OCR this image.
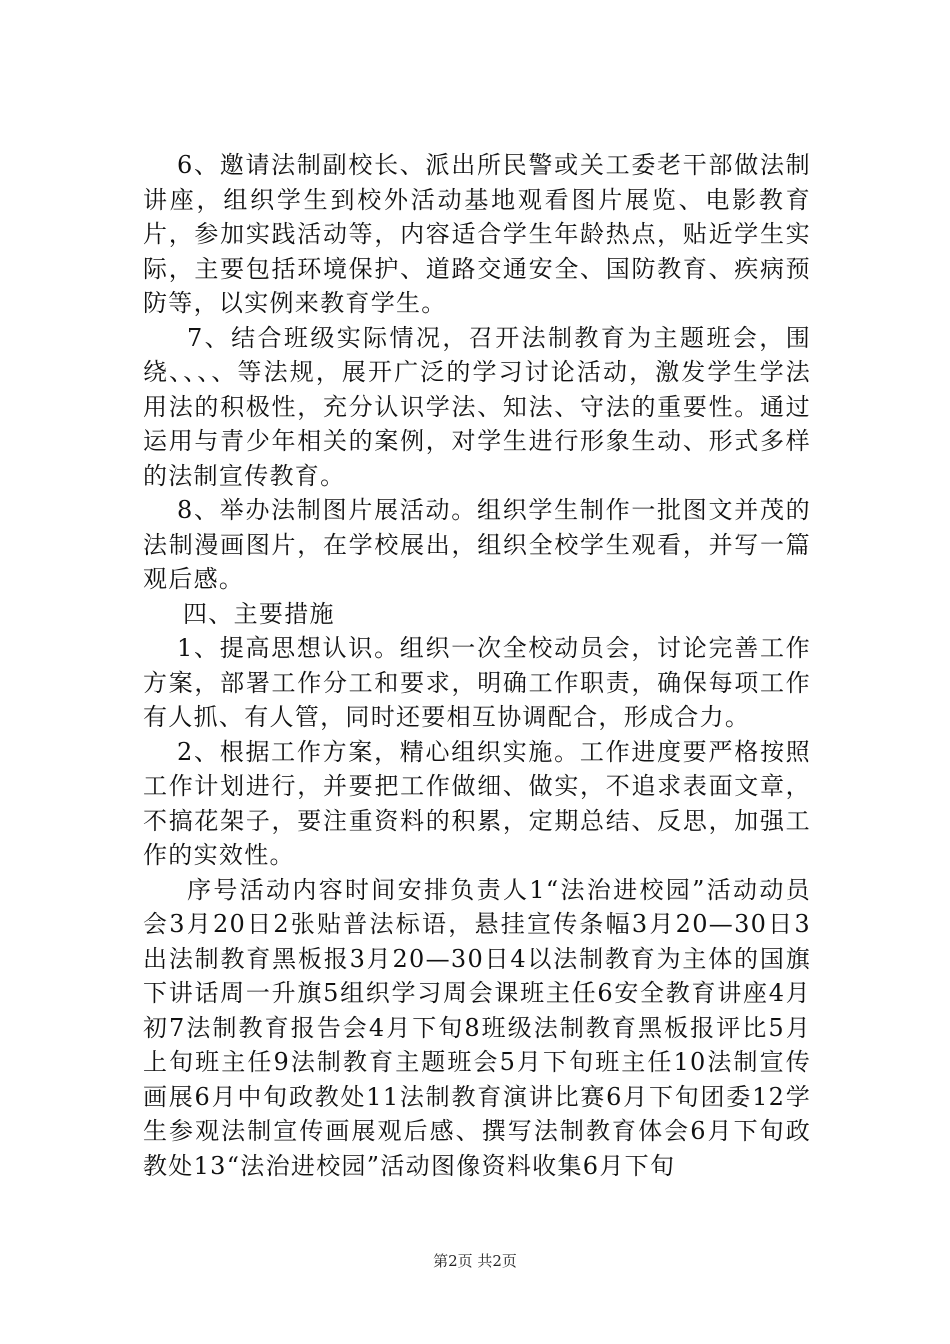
6、邀请法制副校长、派出所民警或关工委老干部做法制讲座，组织学生到校外活动基地观看图片展览、电影教育片，参加实践活动等，内容适合学生年龄热点，贴近学生实际，主要包括环境保护、道路交通安全、国防教育、疾病预防等，以实例来教育学生。

7、结合班级实际情况，召开法制教育为主题班会，围绕、、、、等法规，展开广泛的学习讨论活动，激发学生学法用法的积极性，充分认识学法、知法、守法的重要性。通过运用与青少年相关的案例，对学生进行形象生动、形式多样的法制宣传教育。

8、举办法制图片展活动。组织学生制作一批图文并茂的法制漫画图片，在学校展出，组织全校学生观看，并写一篇观后感。

四、主要措施

1、提高思想认识。组织一次全校动员会，讨论完善工作方案，部署工作分工和要求，明确工作职责，确保每项工作有人抓、有人管，同时还要相互协调配合，形成合力。

2、根据工作方案，精心组织实施。工作进度要严格按照工作计划进行，并要把工作做细、做实，不追求表面文章，不搞花架子，要注重资料的积累，定期总结、反思，加强工作的实效性。

序号活动内容时间安排负责人1“法治进校园”活动动员会3月20日2张贴普法标语，悬挂宣传条幅3月20—30日3出法制教育黑板报3月20—30日4以法制教育为主体的国旗下讲话周一升旗5组织学习周会课班主任6安全教育讲座4月初7法制教育报告会4月下旬8班级法制教育黑板报评比5月上旬班主任9法制教育主题班会5月下旬班主任10法制宣传画展6月中旬政教处11法制教育演讲比赛6月下旬团委12学生参观法制宣传画展观后感、撰写法制教育体会6月下旬政教处13“法治进校园”活动图像资料收集6月下旬

第2页 共2页
